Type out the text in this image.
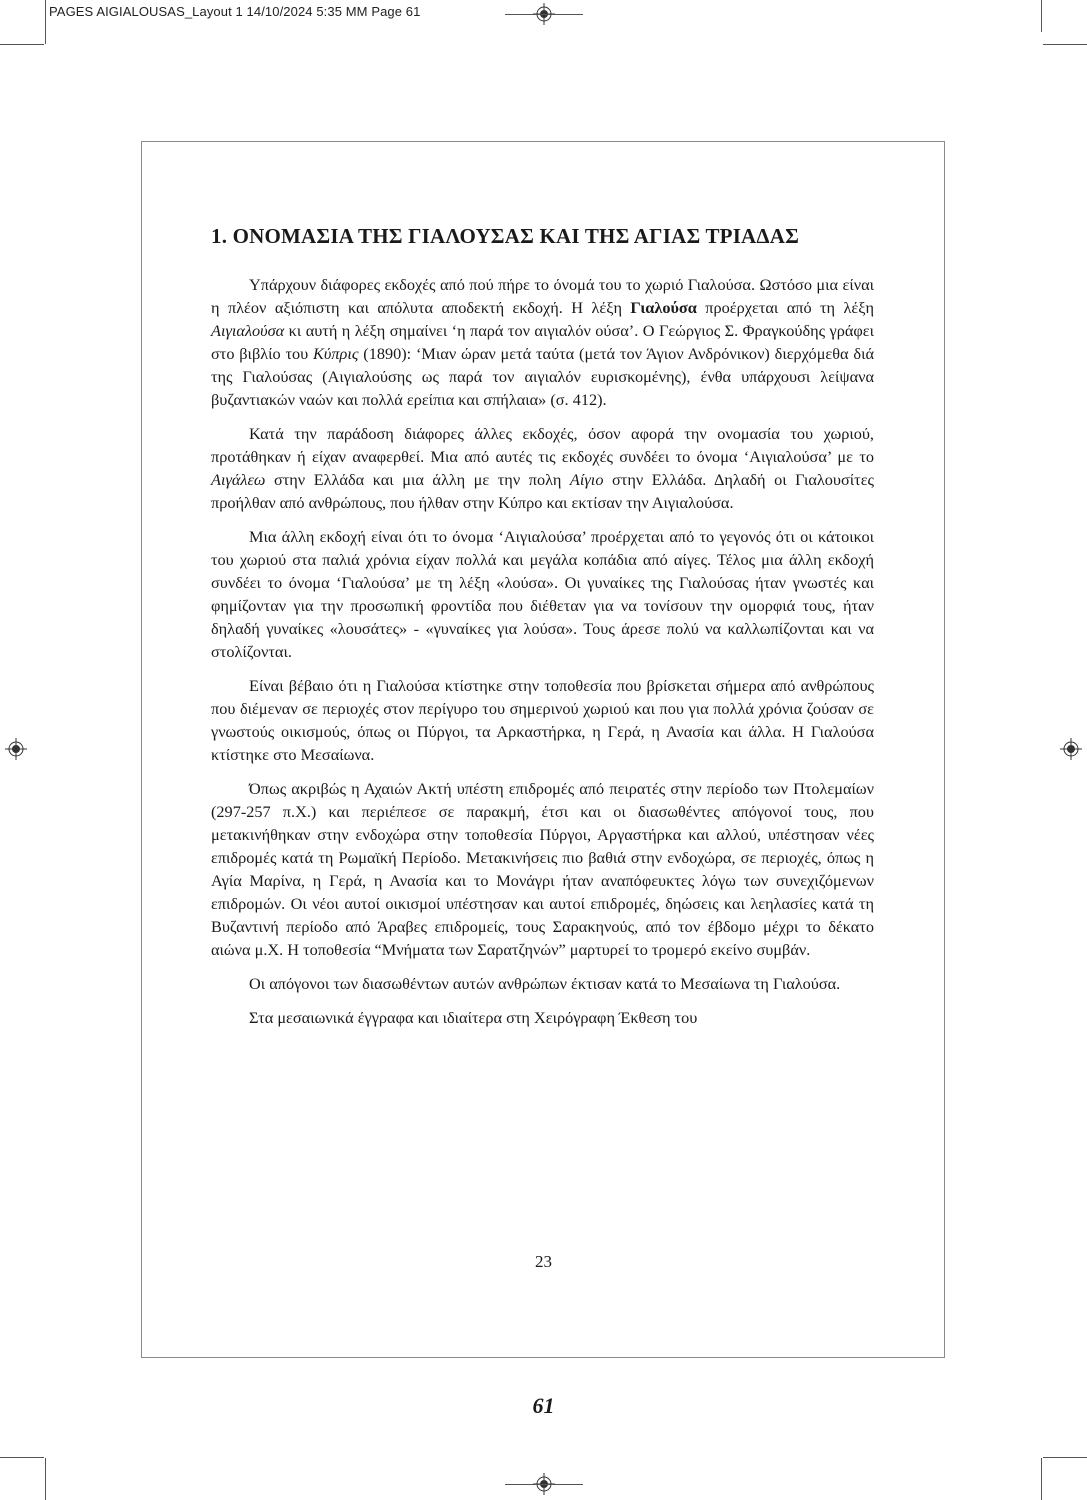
PAGES AIGIALOUSAS_Layout 1 14/10/2024 5:35 ΜΜ Page 61
1. ΟΝΟΜΑΣΙΑ ΤΗΣ ΓΙΑΛΟΥΣΑΣ ΚΑΙ ΤΗΣ ΑΓΙΑΣ ΤΡΙΑΔΑΣ

Υπάρχουν διάφορες εκδοχές από πού πήρε το όνομά του το χωριό Γιαλούσα. Ωστόσο μια είναι η πλέον αξιόπιστη και απόλυτα αποδεκτή εκδοχή. Η λέξη Γιαλούσα προέρχεται από τη λέξη Αιγιαλούσα κι αυτή η λέξη σημαίνει ‘η παρά τον αιγιαλόν ούσα’. Ο Γεώργιος Σ. Φραγκούδης γράφει στο βιβλίο του Κύπρις (1890): ‘Μιαν ώραν μετά ταύτα (μετά τον Άγιον Ανδρόνικον) διερχόμεθα διά της Γιαλούσας (Αιγιαλούσης ως παρά τον αιγιαλόν ευρισκομένης), ένθα υπάρχουσι λείψανα βυζαντιακών ναών και πολλά ερείπια και σπήλαια» (σ. 412).

Κατά την παράδοση διάφορες άλλες εκδοχές, όσον αφορά την ονομασία του χωριού, προτάθηκαν ή είχαν αναφερθεί. Μια από αυτές τις εκδοχές συνδέει το όνομα ‘Αιγιαλούσα’ με το Αιγάλεω στην Ελλάδα και μια άλλη με την πολη Αίγιο στην Ελλάδα. Δηλαδή οι Γιαλουσίτες προήλθαν από ανθρώπους, που ήλθαν στην Κύπρο και εκτίσαν την Αιγιαλούσα.

Μια άλλη εκδοχή είναι ότι το όνομα ‘Αιγιαλούσα’ προέρχεται από το γεγονός ότι οι κάτοικοι του χωριού στα παλιά χρόνια είχαν πολλά και μεγάλα κοπάδια από αίγες. Τέλος μια άλλη εκδοχή συνδέει το όνομα ‘Γιαλούσα’ με τη λέξη «λούσα». Οι γυναίκες της Γιαλούσας ήταν γνωστές και φημίζονταν για την προσωπική φροντίδα που διέθεταν για να τονίσουν την ομορφιά τους, ήταν δηλαδή γυναίκες «λουσάτες» - «γυναίκες για λούσα». Τους άρεσε πολύ να καλλωπίζονται και να στολίζονται.

Είναι βέβαιο ότι η Γιαλούσα κτίστηκε στην τοποθεσία που βρίσκεται σήμερα από ανθρώπους που διέμεναν σε περιοχές στον περίγυρο του σημερινού χωριού και που για πολλά χρόνια ζούσαν σε γνωστούς οικισμούς, όπως οι Πύργοι, τα Αρκαστήρκα, η Γερά, η Ανασία και άλλα. Η Γιαλούσα κτίστηκε στο Μεσαίωνα.

Όπως ακριβώς η Αχαιών Ακτή υπέστη επιδρομές από πειρατές στην περίοδο των Πτολεμαίων (297-257 π.Χ.) και περιέπεσε σε παρακμή, έτσι και οι διασωθέντες απόγονοί τους, που μετακινήθηκαν στην ενδοχώρα στην τοποθεσία Πύργοι, Αργαστήρκα και αλλού, υπέστησαν νέες επιδρομές κατά τη Ρωμαϊκή Περίοδο. Μετακινήσεις πιο βαθιά στην ενδοχώρα, σε περιοχές, όπως η Αγία Μαρίνα, η Γερά, η Ανασία και το Μονάγρι ήταν αναπόφευκτες λόγω των συνεχιζόμενων επιδρομών. Οι νέοι αυτοί οικισμοί υπέστησαν και αυτοί επιδρομές, δηώσεις και λεηλασίες κατά τη Βυζαντινή περίοδο από Άραβες επιδρομείς, τους Σαρακηνούς, από τον έβδομο μέχρι το δέκατο αιώνα μ.Χ. Η τοποθεσία “Μνήματα των Σαρατζηνών” μαρτυρεί το τρομερό εκείνο συμβάν.

Οι απόγονοι των διασωθέντων αυτών ανθρώπων έκτισαν κατά το Μεσαίωνα τη Γιαλούσα.

Στα μεσαιωνικά έγγραφα και ιδιαίτερα στη Χειρόγραφη Έκθεση του

23
61
